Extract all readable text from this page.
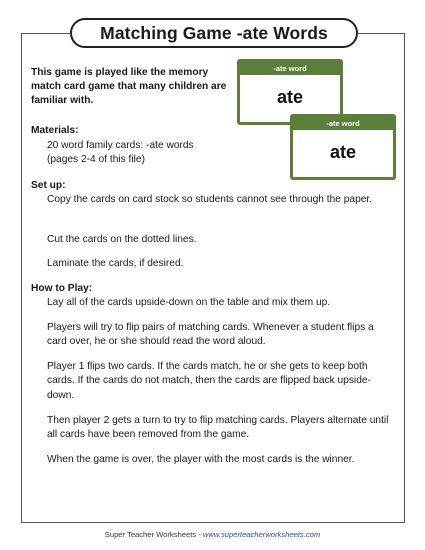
Matching Game -ate Words
This game is played like the memory match card game that many children are familiar with.
-ate word
ate
-ate word
ate
Materials:
20 word family cards: -ate words
(pages 2-4 of this file)
Set up:
Copy the cards on card stock so students cannot see through the paper.
Cut the cards on the dotted lines.
Laminate the cards, if desired.
How to Play:
Lay all of the cards upside-down on the table and mix them up.
Players will try to flip pairs of matching cards. Whenever a student flips a card over, he or she should read the word aloud.
Player 1 flips two cards. If the cards match, he or she gets to keep both cards. If the cards do not match, then the cards are flipped back upside-down.
Then player 2 gets a turn to try to flip matching cards. Players alternate until all cards have been removed from the game.
When the game is over, the player with the most cards is the winner.
Super Teacher Worksheets - www.superteacherworksheets.com
